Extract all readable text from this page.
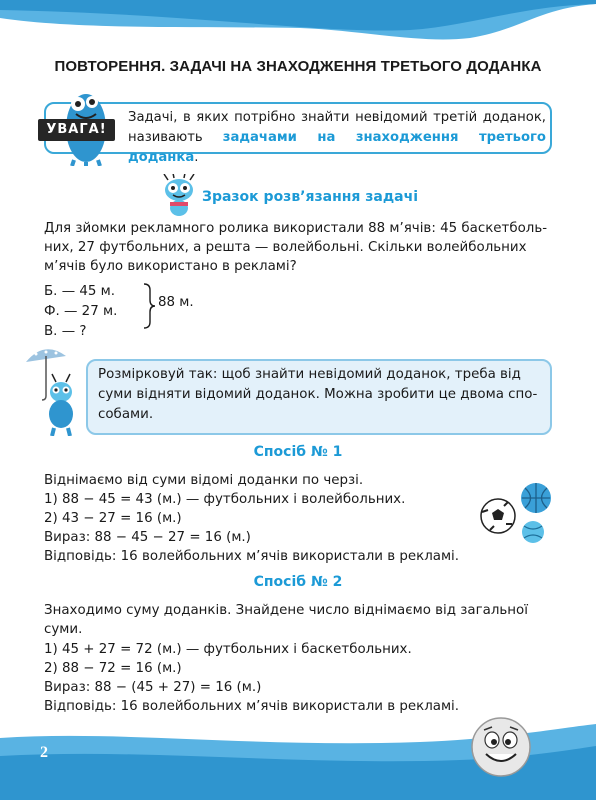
ПОВТОРЕННЯ. ЗАДАЧІ НА ЗНАХОДЖЕННЯ ТРЕТЬОГО ДОДАНКА
УВАГА!
Задачі, в яких потрібно знайти невідомий третій доданок, називають задачами на знаходження третього доданка.
Зразок розв’язання задачі
Для зйомки рекламного ролика використали 88 м’ячів: 45 баскетболь-
них, 27 футбольних, а решта — волейбольні. Скільки волейбольних
м’ячів було використано в рекламі?
Б. — 45 м.
Ф. — 27 м.
В. — ?
88 м.
Розмірковуй так: щоб знайти невідомий доданок, треба від
суми відняти відомий доданок. Можна зробити це двома спо-
собами.
Спосіб № 1
Віднімаємо від суми відомі доданки по черзі.
1) 88 − 45 = 43 (м.) — футбольних і волейбольних.
2) 43 − 27 = 16 (м.)
Вираз: 88 − 45 − 27 = 16 (м.)
Відповідь: 16 волейбольних м’ячів використали в рекламі.
Спосіб № 2
Знаходимо суму доданків. Знайдене число віднімаємо від загальної
суми.
1) 45 + 27 = 72 (м.) — футбольних і баскетбольних.
2) 88 − 72 = 16 (м.)
Вираз: 88 − (45 + 27) = 16 (м.)
Відповідь: 16 волейбольних м’ячів використали в рекламі.
2
